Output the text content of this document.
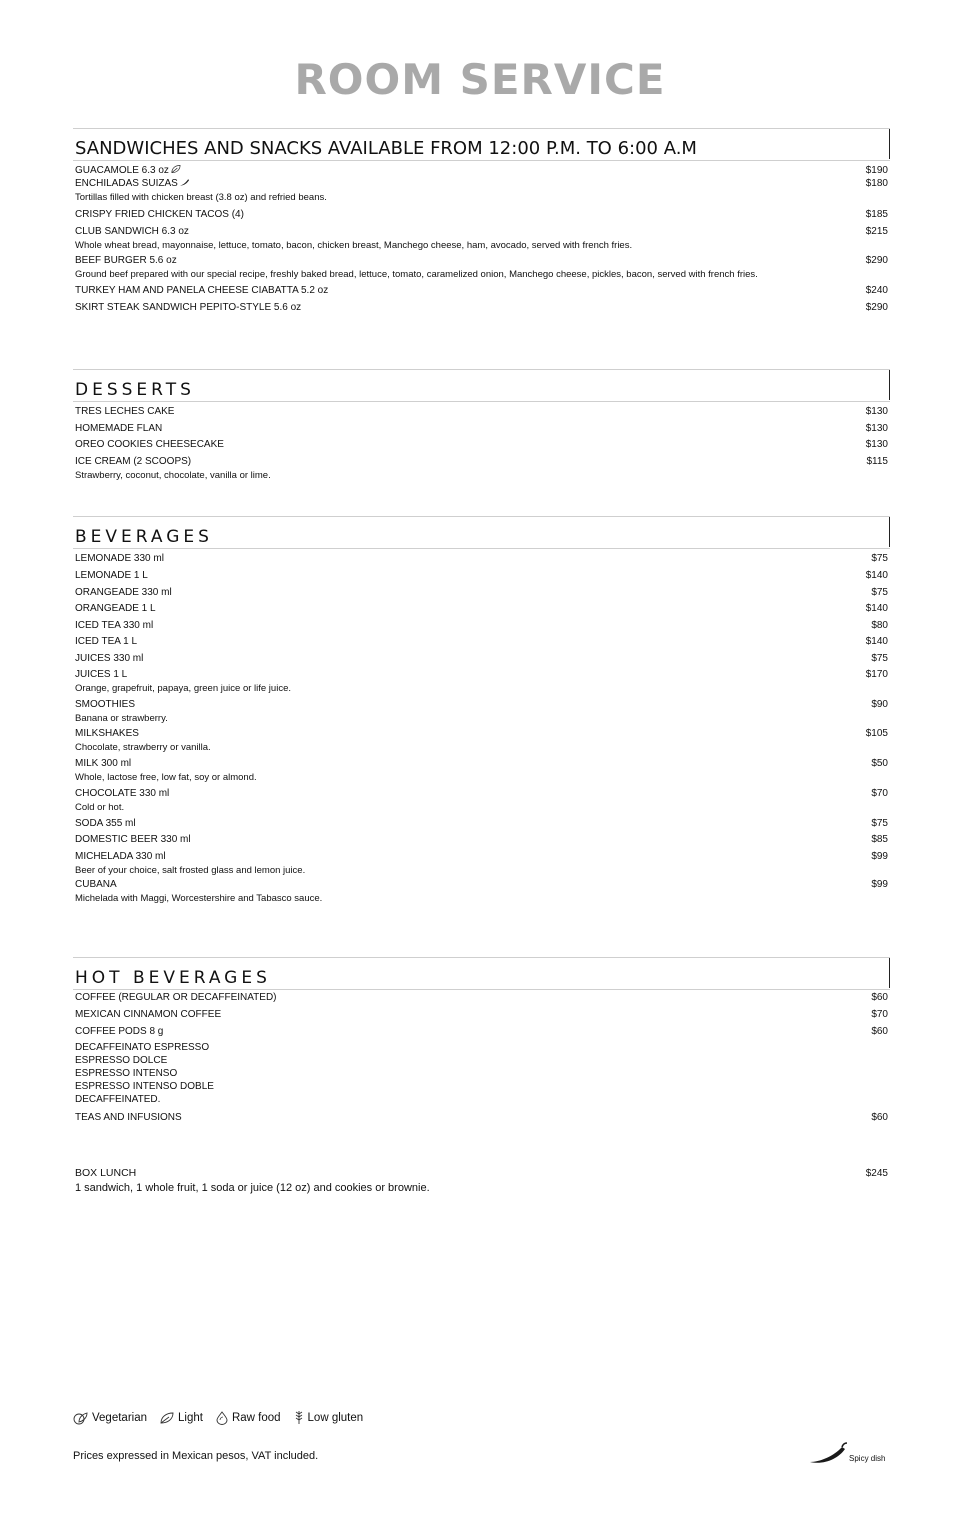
ROOM SERVICE
SANDWICHES AND SNACKS AVAILABLE FROM 12:00 P.M. TO 6:00 A.M
GUACAMOLE 6.3 oz	$190
ENCHILADAS SUIZAS	$180
Tortillas filled with chicken breast (3.8 oz) and refried beans.
CRISPY FRIED CHICKEN TACOS (4)	$185
CLUB SANDWICH 6.3 oz	$215
Whole wheat bread, mayonnaise, lettuce, tomato, bacon, chicken breast, Manchego cheese, ham, avocado, served with french fries.
BEEF BURGER 5.6 oz	$290
Ground beef prepared with our special recipe, freshly baked bread, lettuce, tomato, caramelized onion, Manchego cheese, pickles, bacon, served with french fries.
TURKEY HAM AND PANELA CHEESE CIABATTA 5.2 oz	$240
SKIRT STEAK SANDWICH PEPITO-STYLE 5.6 oz	$290
DESSERTS
TRES LECHES CAKE	$130
HOMEMADE FLAN	$130
OREO COOKIES CHEESECAKE	$130
ICE CREAM (2 SCOOPS)	$115
Strawberry, coconut, chocolate, vanilla or lime.
BEVERAGES
LEMONADE 330 ml	$75
LEMONADE 1 L	$140
ORANGEADE 330 ml	$75
ORANGEADE 1 L	$140
ICED TEA 330 ml	$80
ICED TEA 1 L	$140
JUICES 330 ml	$75
JUICES 1 L	$170
Orange, grapefruit, papaya, green juice or life juice.
SMOOTHIES	$90
Banana or strawberry.
MILKSHAKES	$105
Chocolate, strawberry or vanilla.
MILK 300 ml	$50
Whole, lactose free, low fat, soy or almond.
CHOCOLATE 330 ml	$70
Cold or hot.
SODA 355 ml	$75
DOMESTIC BEER 330 ml	$85
MICHELADA 330 ml	$99
Beer of your choice, salt frosted glass and lemon juice.
CUBANA	$99
Michelada with Maggi, Worcestershire and Tabasco sauce.
HOT BEVERAGES
COFFEE (REGULAR OR DECAFFEINATED)	$60
MEXICAN CINNAMON COFFEE	$70
COFFEE PODS 8 g	$60
DECAFFEINATO ESPRESSO
ESPRESSO DOLCE
ESPRESSO INTENSO
ESPRESSO INTENSO DOBLE
DECAFFEINATED.
TEAS AND INFUSIONS	$60
BOX LUNCH	$245
1 sandwich, 1 whole fruit, 1 soda or juice (12 oz) and cookies or brownie.
Vegetarian	Light	Raw food Low gluten
Prices expressed in Mexican pesos, VAT included.	Spicy dish
